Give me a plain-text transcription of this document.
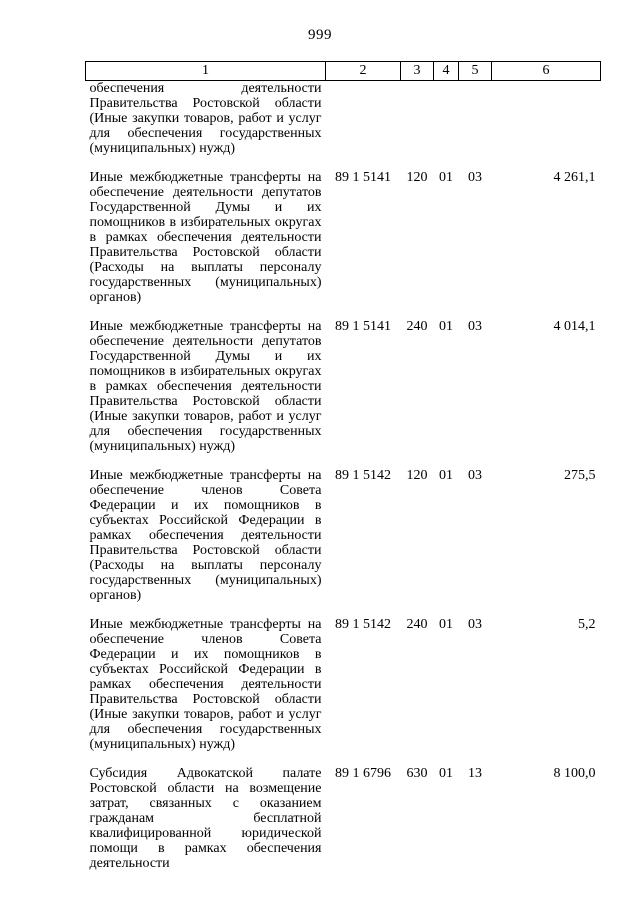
999
1	2	3	4	5	6

обеспечения деятельности Правительства Ростовской области (Иные закупки товаров, работ и услуг для обеспечения государственных (муниципальных) нужд)					

Иные межбюджетные трансферты на обеспечение деятельности депутатов Государственной Думы и их помощников в избирательных округах в рамках обеспечения деятельности Правительства Ростовской области (Расходы на выплаты персоналу государственных (муниципальных) органов)	89 1 5141	120	01	03	4 261,1

Иные межбюджетные трансферты на обеспечение деятельности депутатов Государственной Думы и их помощников в избирательных округах в рамках обеспечения деятельности Правительства Ростовской области (Иные закупки товаров, работ и услуг для обеспечения государственных (муниципальных) нужд)	89 1 5141	240	01	03	4 014,1

Иные межбюджетные трансферты на обеспечение членов Совета Федерации и их помощников в субъектах Российской Федерации в рамках обеспечения деятельности Правительства Ростовской области (Расходы на выплаты персоналу государственных (муниципальных) органов)	89 1 5142	120	01	03	275,5

Иные межбюджетные трансферты на обеспечение членов Совета Федерации и их помощников в субъектах Российской Федерации в рамках обеспечения деятельности Правительства Ростовской области (Иные закупки товаров, работ и услуг для обеспечения государственных (муниципальных) нужд)	89 1 5142	240	01	03	5,2

Субсидия Адвокатской палате Ростовской области на возмещение затрат, связанных с оказанием гражданам бесплатной квалифицированной юридической помощи в рамках обеспечения деятельности	89 1 6796	630	01	13	8 100,0
